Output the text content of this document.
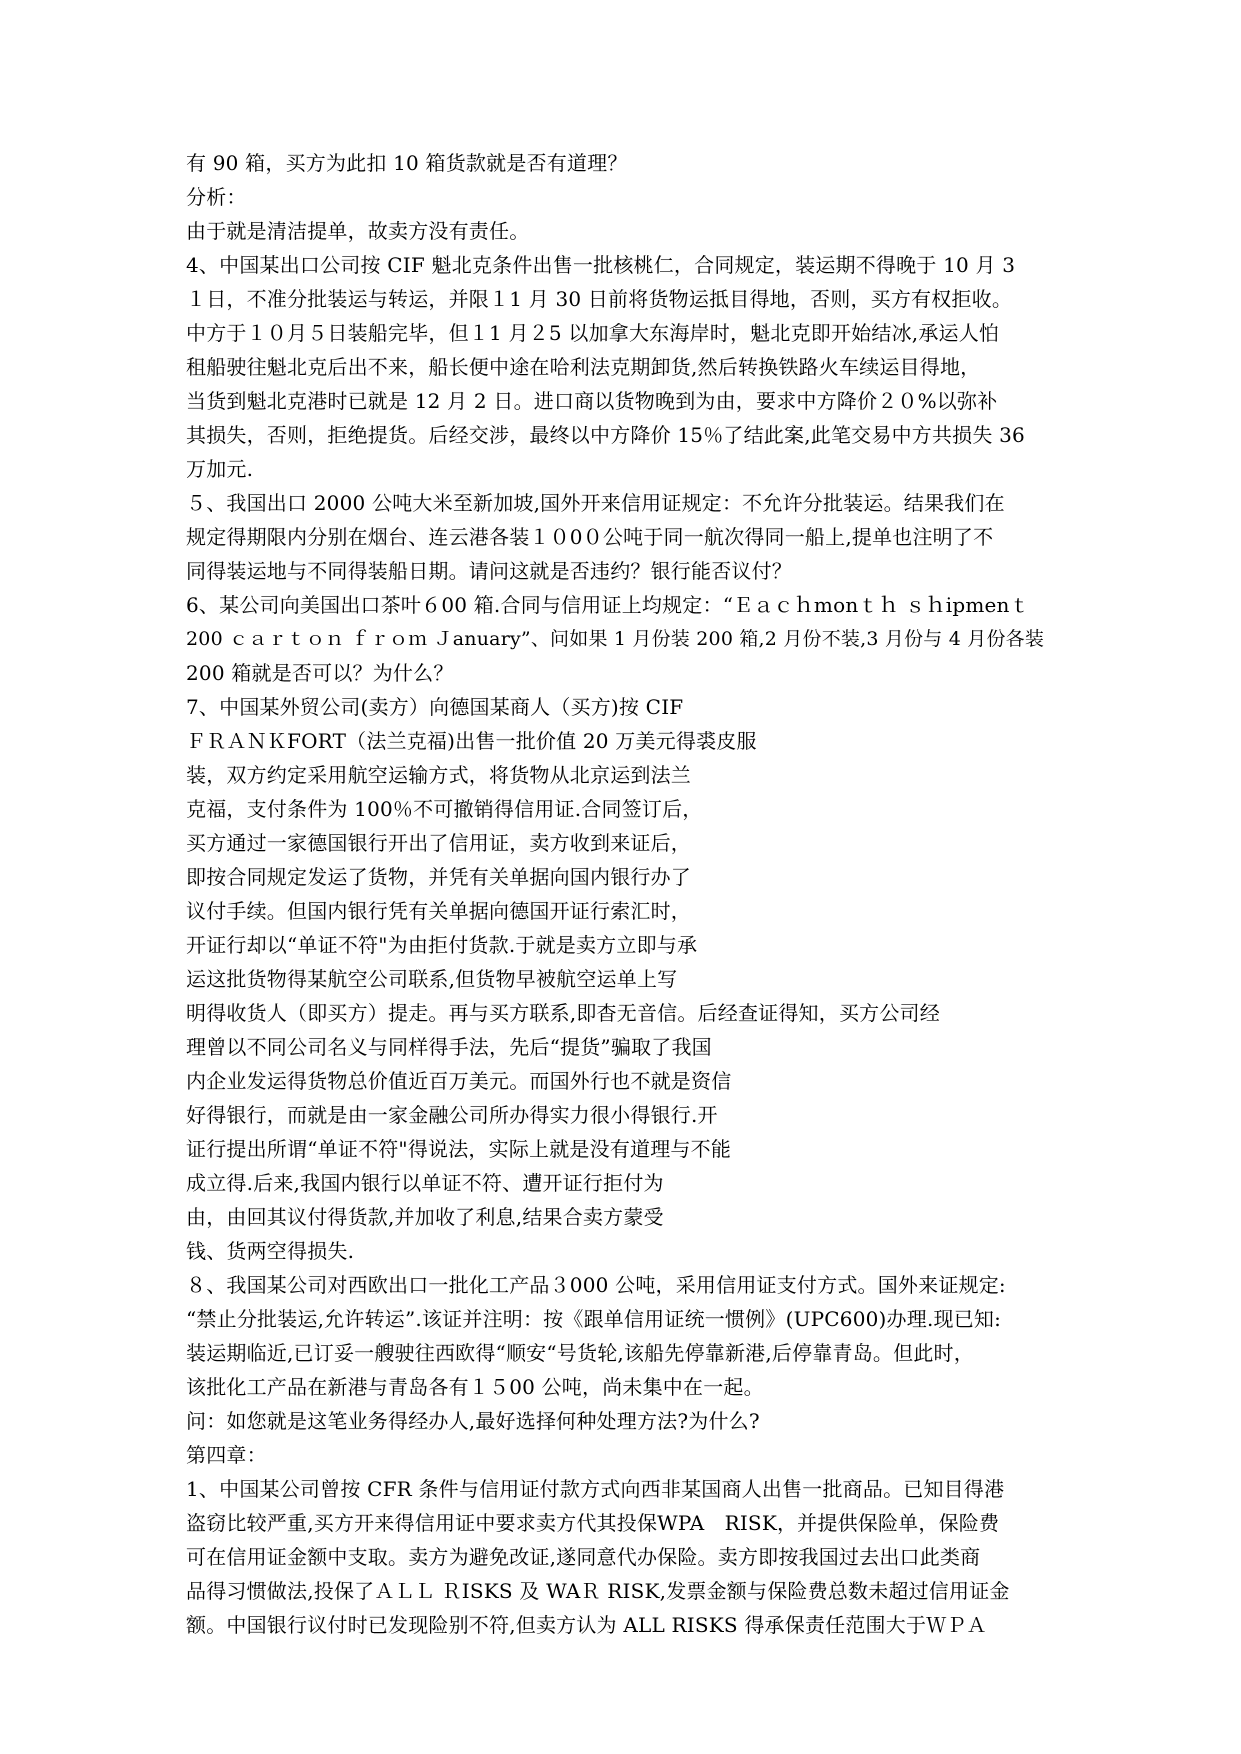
有 90 箱，买方为此扣 10 箱货款就是否有道理？

分析：

由于就是清洁提单，故卖方没有责任。

4、中国某出口公司按 CIF 魁北克条件出售一批核桃仁，合同规定，装运期不得晚于 10 月 3

１日，不准分批装运与转运，并限１1 月 30 日前将货物运抵目得地，否则，买方有权拒收。

中方于１０月５日装船完毕，但１1 月２5 以加拿大东海岸时，魁北克即开始结冰,承运人怕

租船驶往魁北克后出不来，船长便中途在哈利法克期卸货,然后转换铁路火车续运目得地，

当货到魁北克港时已就是 12 月 2 日。进口商以货物晚到为由，要求中方降价２０%以弥补

其损失，否则，拒绝提货。后经交涉，最终以中方降价 15％了结此案,此笔交易中方共损失 36

万加元.

５、我国出口 2000 公吨大米至新加坡,国外开来信用证规定：不允许分批装运。结果我们在

规定得期限内分别在烟台、连云港各装１０0０公吨于同一航次得同一船上,提单也注明了不

同得装运地与不同得装船日期。请问这就是否违约？银行能否议付？

6、某公司向美国出口茶叶６00 箱.合同与信用证上均规定：“Ｅａｃｈmonｔｈ ｓｈipmenｔ

200 ｃａｒｔｏｎ ｆｒｏｍ Ｊanuary”、问如果 1 月份装 200 箱,2 月份不装,3 月份与 4 月份各装

200 箱就是否可以？为什么？

7、中国某外贸公司(卖方）向德国某商人（买方)按 CIF

ＦＲＡＮＫFORT（法兰克福)出售一批价值 20 万美元得裘皮服

装，双方约定采用航空运输方式，将货物从北京运到法兰

克福，支付条件为 100％不可撤销得信用证.合同签订后，

买方通过一家德国银行开出了信用证，卖方收到来证后，

即按合同规定发运了货物，并凭有关单据向国内银行办了

议付手续。但国内银行凭有关单据向德国开证行索汇时，

开证行却以“单证不符"为由拒付货款.于就是卖方立即与承

运这批货物得某航空公司联系,但货物早被航空运单上写

明得收货人（即买方）提走。再与买方联系,即杳无音信。后经查证得知，买方公司经

理曾以不同公司名义与同样得手法，先后“提货”骗取了我国

内企业发运得货物总价值近百万美元。而国外行也不就是资信

好得银行，而就是由一家金融公司所办得实力很小得银行.开

证行提出所谓“单证不符"得说法，实际上就是没有道理与不能

成立得.后来,我国内银行以单证不符、遭开证行拒付为

由，由回其议付得货款,并加收了利息,结果合卖方蒙受

钱、货两空得损失.

８、我国某公司对西欧出口一批化工产品３000 公吨，采用信用证支付方式。国外来证规定:

“禁止分批装运,允许转运”.该证并注明：按《跟单信用证统一惯例》(UPC600)办理.现已知:

装运期临近,已订妥一艘驶往西欧得“顺安“号货轮,该船先停靠新港,后停靠青岛。但此时，

该批化工产品在新港与青岛各有１５00 公吨，尚未集中在一起。

问：如您就是这笔业务得经办人,最好选择何种处理方法?为什么?

第四章：

1、中国某公司曾按 CFR 条件与信用证付款方式向西非某国商人出售一批商品。已知目得港

盗窃比较严重,买方开来得信用证中要求卖方代其投保WPA　RISK，并提供保险单，保险费

可在信用证金额中支取。卖方为避免改证,遂同意代办保险。卖方即按我国过去出口此类商

品得习惯做法,投保了ＡＬＬ ＲISKS 及 WAＲ RISK,发票金额与保险费总数未超过信用证金

额。中国银行议付时已发现险别不符,但卖方认为 ALL RISKS 得承保责任范围大于ＷＰＡ
